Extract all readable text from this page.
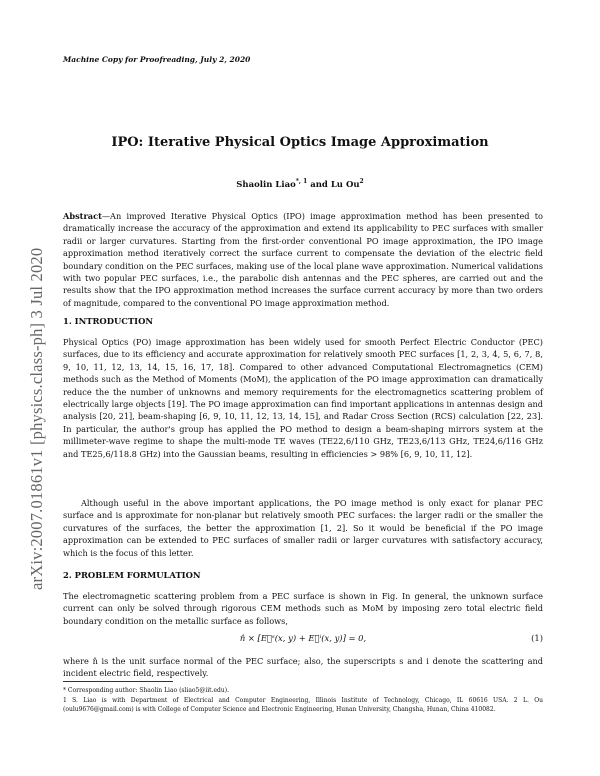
arXiv:2007.01861v1 [physics.class-ph] 3 Jul 2020
Machine Copy for Proofreading, July 2, 2020
IPO: Iterative Physical Optics Image Approximation
Shaolin Liao$^{*, 1}$ and Lu Ou$^2$
Abstract—An improved Iterative Physical Optics (IPO) image approximation method has been presented to dramatically increase the accuracy of the approximation and extend its applicability to PEC surfaces with smaller radii or larger curvatures. Starting from the first-order conventional PO image approximation, the IPO image approximation method iteratively correct the surface current to compensate the deviation of the electric field boundary condition on the PEC surfaces, making use of the local plane wave approximation. Numerical validations with two popular PEC surfaces, i.e., the parabolic dish antennas and the PEC spheres, are carried out and the results show that the IPO approximation method increases the surface current accuracy by more than two orders of magnitude, compared to the conventional PO image approximation method.
1. INTRODUCTION
Physical Optics (PO) image approximation has been widely used for smooth Perfect Electric Conductor (PEC) surfaces, due to its efficiency and accurate approximation for relatively smooth PEC surfaces [1, 2, 3, 4, 5, 6, 7, 8, 9, 10, 11, 12, 13, 14, 15, 16, 17, 18]. Compared to other advanced Computational Electromagnetics (CEM) methods such as the Method of Moments (MoM), the application of the PO image approximation can dramatically reduce the the number of unknowns and memory requirements for the electromagnetics scattering problem of electrically large objects [19]. The PO image approximation can find important applications in antennas design and analysis [20, 21], beam-shaping [6, 9, 10, 11, 12, 13, 14, 15], and Radar Cross Section (RCS) calculation [22, 23]. In particular, the author's group has applied the PO method to design a beam-shaping mirrors system at the millimeter-wave regime to shape the multi-mode TE waves (TE22,6/110 GHz, TE23,6/113 GHz, TE24,6/116 GHz and TE25,6/118.8 GHz) into the Gaussian beams, resulting in efficiencies > 98% [6, 9, 10, 11, 12].
Although useful in the above important applications, the PO image method is only exact for planar PEC surface and is approximate for non-planar but relatively smooth PEC surfaces: the larger radii or the smaller the curvatures of the surfaces, the better the approximation [1, 2]. So it would be beneficial if the PO image approximation can be extended to PEC surfaces of smaller radii or larger curvatures with satisfactory accuracy, which is the focus of this letter.
2. PROBLEM FORMULATION
The electromagnetic scattering problem from a PEC surface is shown in Fig. In general, the unknown surface current can only be solved through rigorous CEM methods such as MoM by imposing zero total electric field boundary condition on the metallic surface as follows,
n̂ × [E⃗ˢ(x, y) + E⃗ⁱ(x, y)] = 0,	(1)
where n̂ is the unit surface normal of the PEC surface; also, the superscripts s and i denote the scattering and incident electric field, respectively.
* Corresponding author: Shaolin Liao (sliao5@iit.edu).
1 S. Liao is with Department of Electrical and Computer Engineering, Illinois Institute of Technology, Chicago, IL 60616 USA. 2 L. Ou (oulu9676@gmail.com) is with College of Computer Science and Electronic Engineering, Hunan University, Changsha, Hunan, China 410082.
